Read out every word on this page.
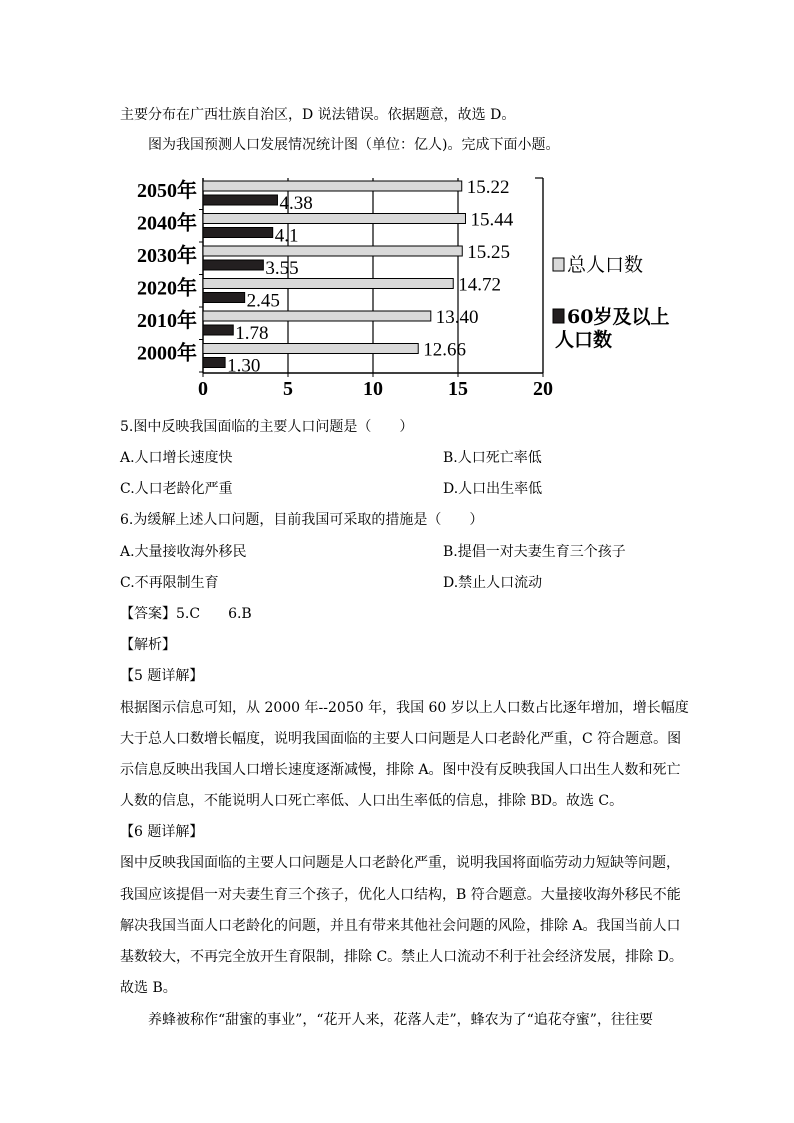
主要分布在广西壮族自治区，D 说法错误。依据题意，故选 D。
图为我国预测人口发展情况统计图（单位：亿人)。完成下面小题。
0	5	10	15	20
2050年	15.22
4.38
2040年	15.44
4.1
2030年	15.25
3.55
2020年	14.72
2.45
2010年	13.40
1.78
2000年	12.66
1.30
总人口数
60岁及以上
人口数
5.图中反映我国面临的主要人口问题是（　　）
A.人口增长速度快	B.人口死亡率低
C.人口老龄化严重	D.人口出生率低
6.为缓解上述人口问题，目前我国可采取的措施是（　　）
A.大量接收海外移民	B.提倡一对夫妻生育三个孩子
C.不再限制生育	D.禁止人口流动
【答案】5.C　　6.B
【解析】
【5 题详解】
根据图示信息可知，从 2000 年--2050 年，我国 60 岁以上人口数占比逐年增加，增长幅度
大于总人口数增长幅度，说明我国面临的主要人口问题是人口老龄化严重，C 符合题意。图
示信息反映出我国人口增长速度逐渐减慢，排除 A。图中没有反映我国人口出生人数和死亡
人数的信息，不能说明人口死亡率低、人口出生率低的信息，排除 BD。故选 C。
【6 题详解】
图中反映我国面临的主要人口问题是人口老龄化严重，说明我国将面临劳动力短缺等问题，
我国应该提倡一对夫妻生育三个孩子，优化人口结构，B 符合题意。大量接收海外移民不能
解决我国当面人口老龄化的问题，并且有带来其他社会问题的风险，排除 A。我国当前人口
基数较大，不再完全放开生育限制，排除 C。禁止人口流动不利于社会经济发展，排除 D。
故选 B。
养蜂被称作“甜蜜的事业”，“花开人来，花落人走”，蜂农为了“追花夺蜜”，往往要
